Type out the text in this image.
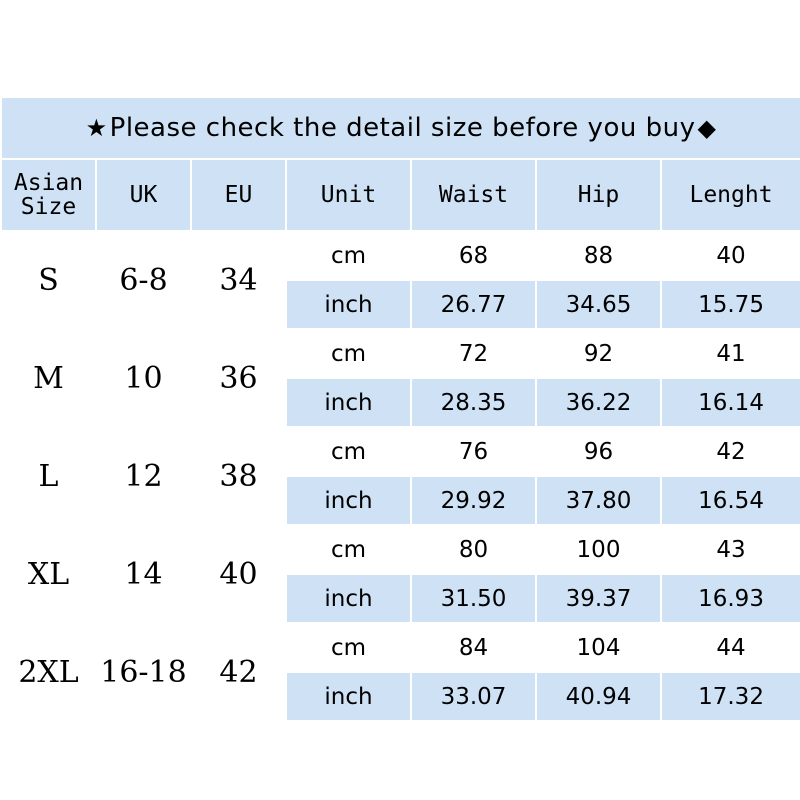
★ Please check the detail size before you buy ◆						

Asian
Size	UK	EU	Unit	Waist	Hip	Lenght
S	6-8	34	cm	68	88	40
			inch	26.77	34.65	15.75
M	10	36	cm	72	92	41
			inch	28.35	36.22	16.14
L	12	38	cm	76	96	42
			inch	29.92	37.80	16.54
XL	14	40	cm	80	100	43
			inch	31.50	39.37	16.93
2XL	16-18	42	cm	84	104	44
			inch	33.07	40.94	17.32
